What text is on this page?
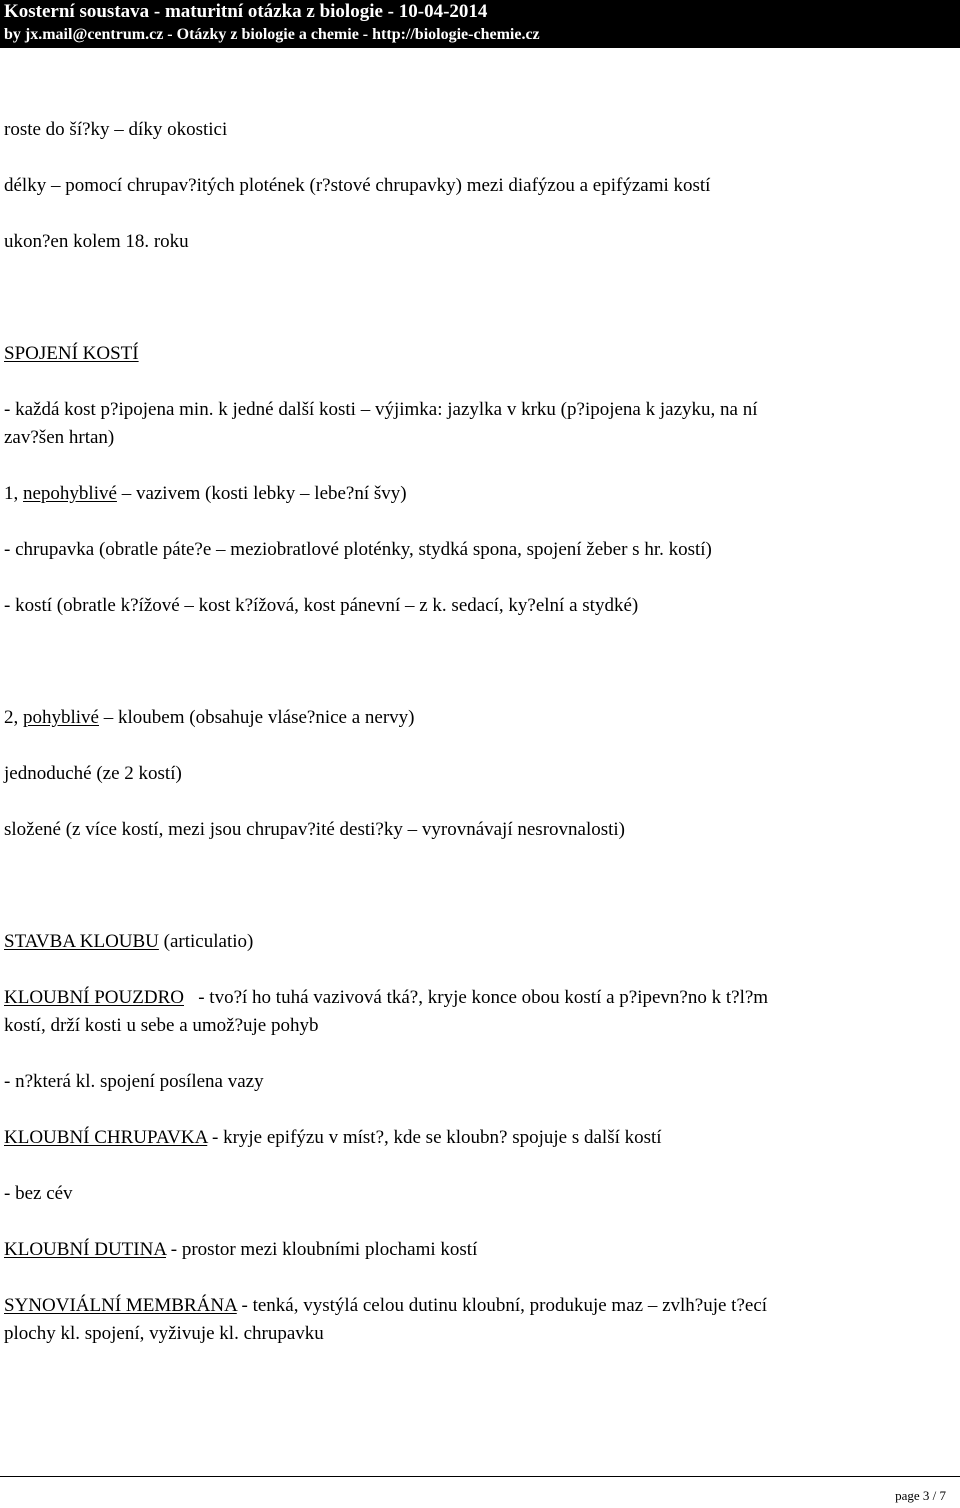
Kosterní soustava - maturitní otázka z biologie - 10-04-2014
by jx.mail@centrum.cz - Otázky z biologie a chemie - http://biologie-chemie.cz
roste do ší?ky – díky okostici
délky – pomocí chrupav?itých plotének (r?stové chrupavky) mezi diafýzou a epifýzami kostí
ukon?en kolem 18. roku
SPOJENÍ KOSTÍ
- každá kost p?ipojena min. k jedné další kosti – výjimka: jazylka v krku (p?ipojena k jazyku, na ní
zav?šen hrtan)
1, nepohyblivé – vazivem (kosti lebky – lebe?ní švy)
- chrupavka (obratle páte?e – meziobratlové ploténky, stydká spona, spojení žeber s hr. kostí)
- kostí (obratle k?ížové – kost k?ížová, kost pánevní – z k. sedací, ky?elní a stydké)
2, pohyblivé – kloubem (obsahuje vláse?nice a nervy)
jednoduché (ze 2 kostí)
složené (z více kostí, mezi jsou chrupav?ité desti?ky – vyrovnávají nesrovnalosti)
STAVBA KLOUBU (articulatio)
KLOUBNÍ POUZDRO   - tvo?í ho tuhá vazivová tká?, kryje konce obou kostí a p?ipevn?no k t?l?m
kostí, drží kosti u sebe a umož?uje pohyb
- n?která kl. spojení posílena vazy
KLOUBNÍ CHRUPAVKA - kryje epifýzu v míst?, kde se kloubn? spojuje s další kostí
- bez cév
KLOUBNÍ DUTINA - prostor mezi kloubními plochami kostí
SYNOVIÁLNÍ MEMBRÁNA - tenká, vystýlá celou dutinu kloubní, produkuje maz – zvlh?uje t?ecí
plochy kl. spojení, vyživuje kl. chrupavku
page 3 / 7
